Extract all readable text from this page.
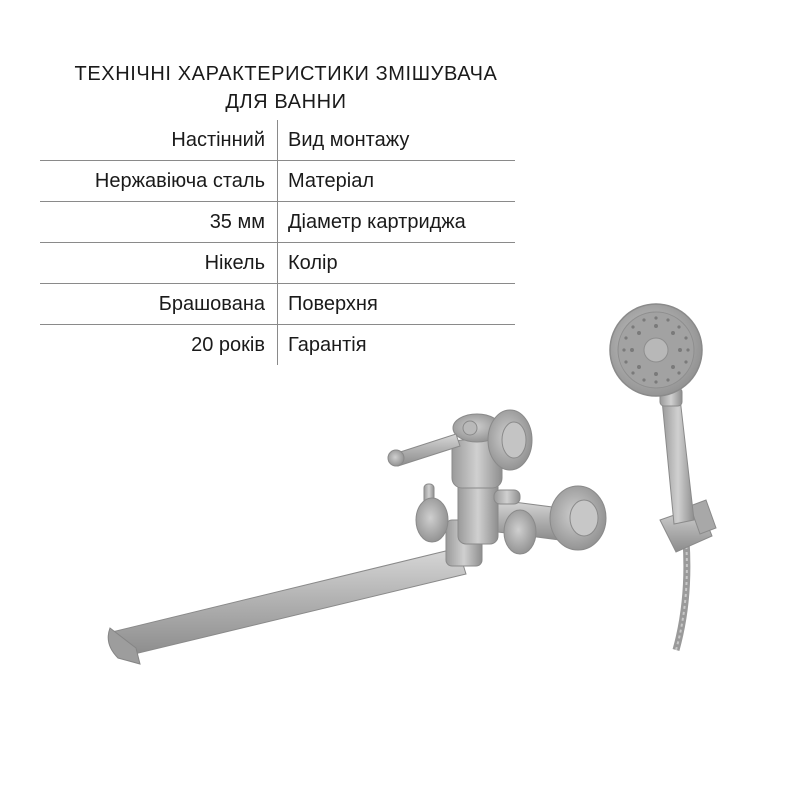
ТЕХНІЧНІ ХАРАКТЕРИСТИКИ ЗМІШУВАЧА
ДЛЯ ВАННИ
Настінний	Вид монтажу
Нержавіюча сталь	Матеріал
35 мм	Діаметр картриджа
Нікель	Колір
Брашована	Поверхня
20 років	Гарантія
